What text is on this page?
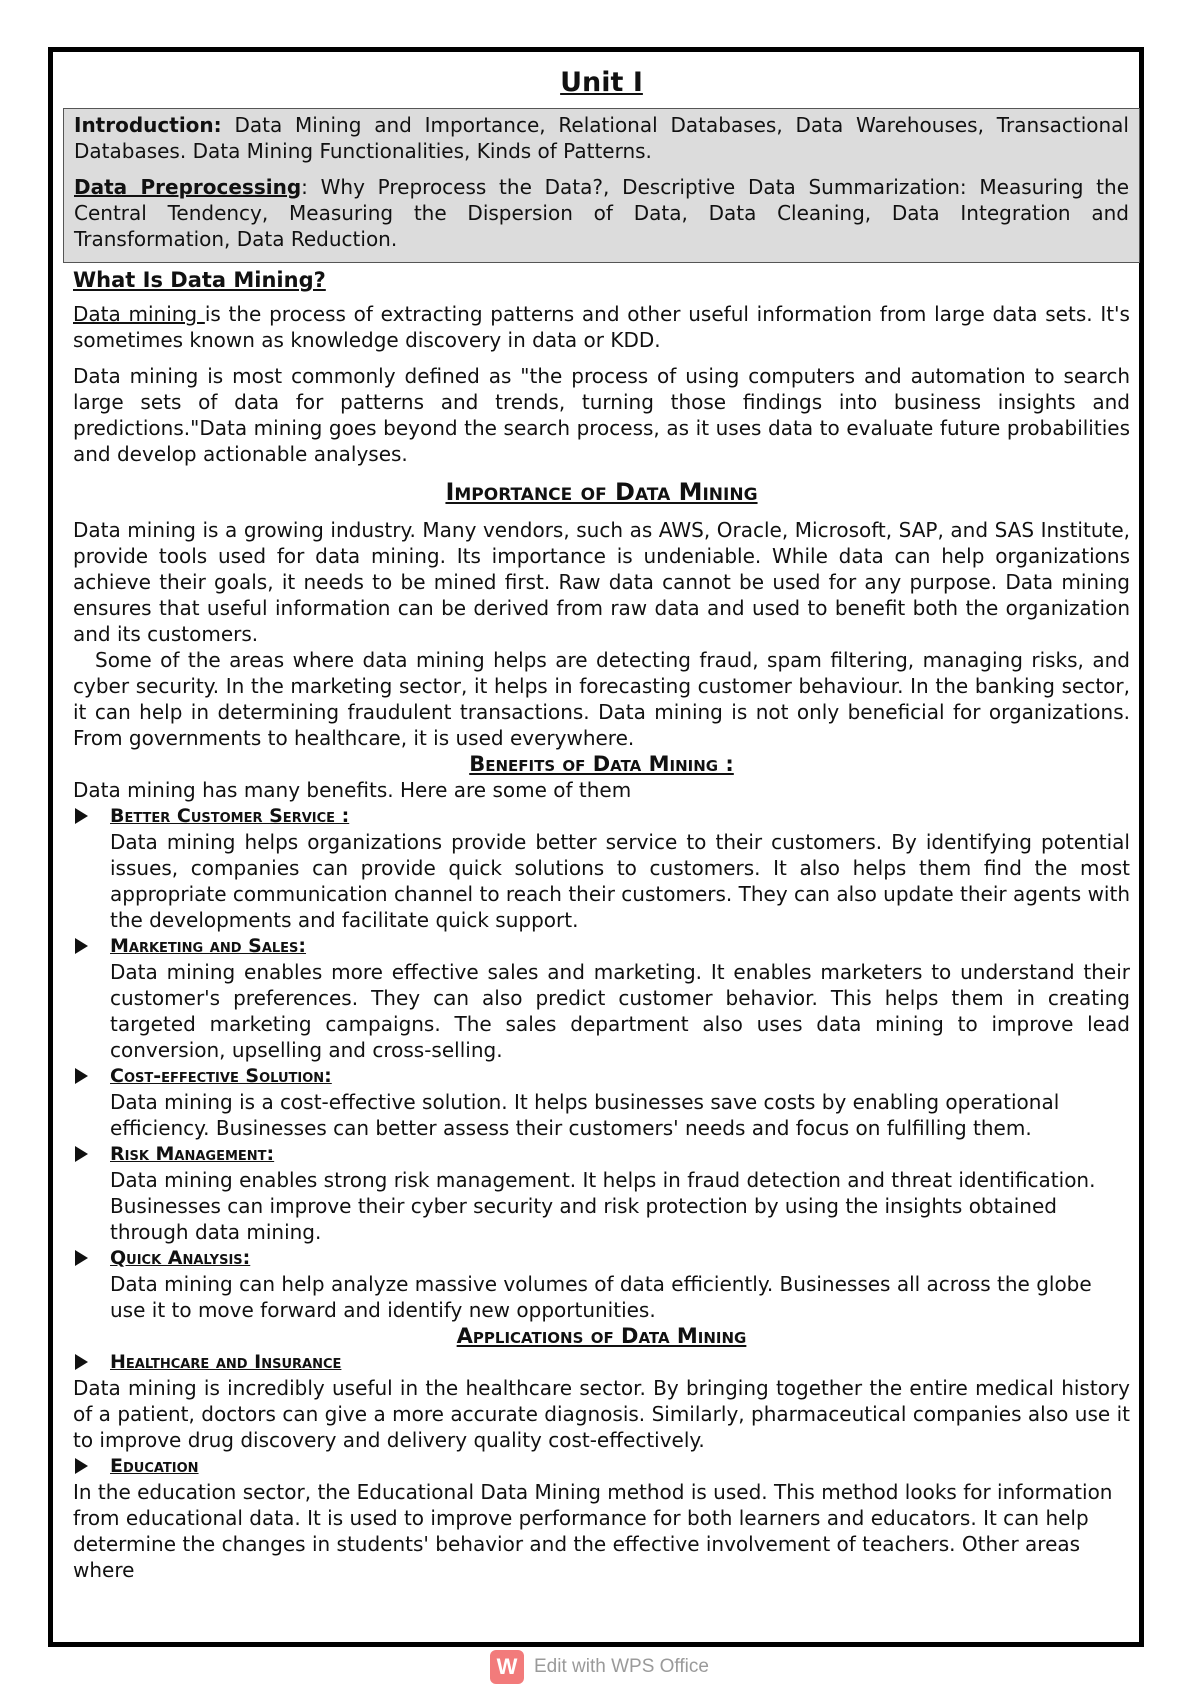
Unit I

Introduction: Data Mining and Importance, Relational Databases, Data Warehouses, Transactional Databases. Data Mining Functionalities, Kinds of Patterns.

Data Preprocessing: Why Preprocess the Data?, Descriptive Data Summarization: Measuring the Central Tendency, Measuring the Dispersion of Data, Data Cleaning, Data Integration and Transformation, Data Reduction.

What Is Data Mining?

Data mining is the process of extracting patterns and other useful information from large data sets. It's sometimes known as knowledge discovery in data or KDD.

Data mining is most commonly defined as "the process of using computers and automation to search large sets of data for patterns and trends, turning those findings into business insights and predictions."Data mining goes beyond the search process, as it uses data to evaluate future probabilities and develop actionable analyses.

Importance of Data Mining

Data mining is a growing industry. Many vendors, such as AWS, Oracle, Microsoft, SAP, and SAS Institute, provide tools used for data mining. Its importance is undeniable. While data can help organizations achieve their goals, it needs to be mined first. Raw data cannot be used for any purpose. Data mining ensures that useful information can be derived from raw data and used to benefit both the organization and its customers.

Some of the areas where data mining helps are detecting fraud, spam filtering, managing risks, and cyber security. In the marketing sector, it helps in forecasting customer behaviour. In the banking sector, it can help in determining fraudulent transactions. Data mining is not only beneficial for organizations. From governments to healthcare, it is used everywhere.

Benefits of Data Mining :

Data mining has many benefits. Here are some of them

Better Customer Service :

Data mining helps organizations provide better service to their customers. By identifying potential issues, companies can provide quick solutions to customers. It also helps them find the most appropriate communication channel to reach their customers. They can also update their agents with the developments and facilitate quick support.

Marketing and Sales:

Data mining enables more effective sales and marketing. It enables marketers to understand their customer's preferences. They can also predict customer behavior. This helps them in creating targeted marketing campaigns. The sales department also uses data mining to improve lead conversion, upselling and cross-selling.

Cost-effective Solution:

Data mining is a cost-effective solution. It helps businesses save costs by enabling operational efficiency. Businesses can better assess their customers' needs and focus on fulfilling them.

Risk Management:

Data mining enables strong risk management. It helps in fraud detection and threat identification. Businesses can improve their cyber security and risk protection by using the insights obtained through data mining.

Quick Analysis:

Data mining can help analyze massive volumes of data efficiently. Businesses all across the globe use it to move forward and identify new opportunities.

Applications of Data Mining
Healthcare and Insurance

Data mining is incredibly useful in the healthcare sector. By bringing together the entire medical history of a patient, doctors can give a more accurate diagnosis. Similarly, pharmaceutical companies also use it to improve drug discovery and delivery quality cost-effectively.

Education

In the education sector, the Educational Data Mining method is used. This method looks for information from educational data. It is used to improve performance for both learners and educators. It can help determine the changes in students' behavior and the effective involvement of teachers. Other areas where

W Edit with WPS Office
